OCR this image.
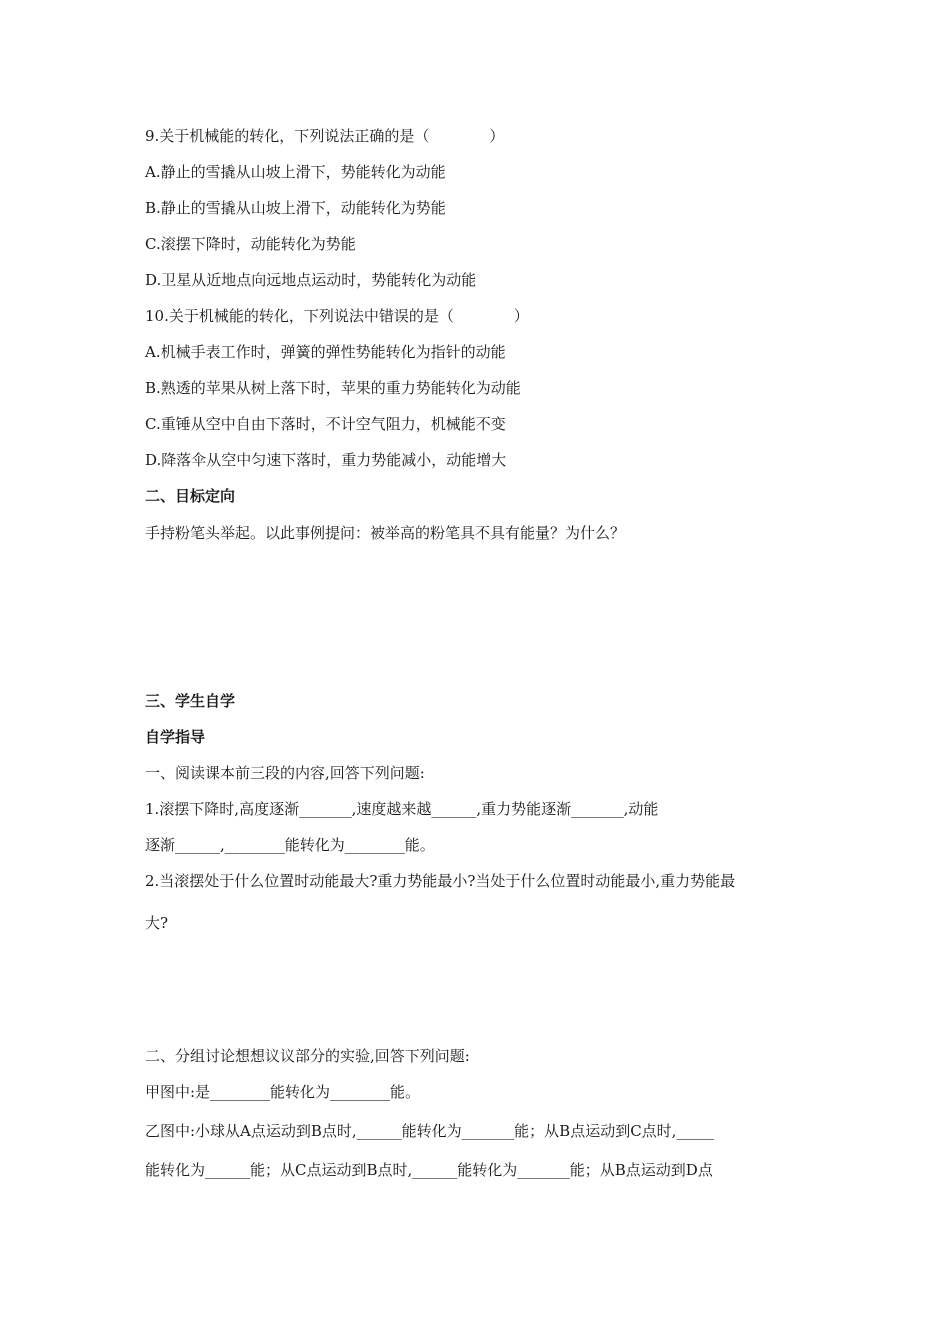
9.关于机械能的转化，下列说法正确的是（　　　　）

A.静止的雪撬从山坡上滑下，势能转化为动能

B.静止的雪撬从山坡上滑下，动能转化为势能

C.滚摆下降时，动能转化为势能

D.卫星从近地点向远地点运动时，势能转化为动能

10.关于机械能的转化，下列说法中错误的是（　　　　）

A.机械手表工作时，弹簧的弹性势能转化为指针的动能

B.熟透的苹果从树上落下时，苹果的重力势能转化为动能

C.重锤从空中自由下落时，不计空气阻力，机械能不变

D.降落伞从空中匀速下落时，重力势能减小，动能增大

二、目标定向

手持粉笔头举起。以此事例提问：被举高的粉笔具不具有能量？为什么？

三、学生自学

自学指导

一、阅读课本前三段的内容,回答下列问题:

1.滚摆下降时,高度逐渐_______,速度越来越______,重力势能逐渐_______,动能

逐渐______,________能转化为________能。

2.当滚摆处于什么位置时动能最大?重力势能最小?当处于什么位置时动能最小,重力势能最

大?

二、分组讨论想想议议部分的实验,回答下列问题:

甲图中:是________能转化为________能。

乙图中:小球从A点运动到B点时,______能转化为_______能；从B点运动到C点时,_____

能转化为______能；从C点运动到B点时,______能转化为_______能；从B点运动到D点
